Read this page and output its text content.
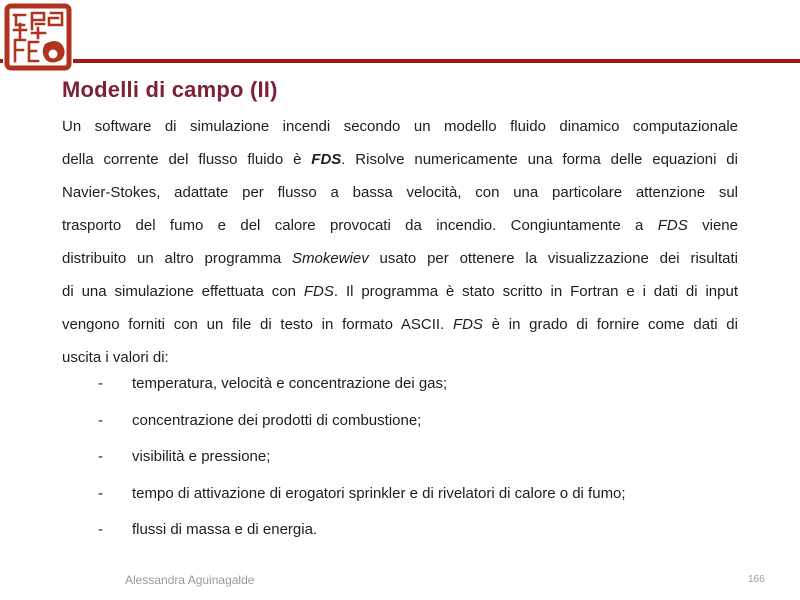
Modelli di campo (II)
Un software di simulazione incendi secondo un modello fluido dinamico computazionale
della corrente del flusso fluido è FDS. Risolve numericamente una forma delle equazioni di
Navier-Stokes, adattate per flusso a bassa velocità, con una particolare attenzione sul
trasporto del fumo e del calore provocati da incendio. Congiuntamente a FDS viene
distribuito un altro programma Smokewiev usato per ottenere la visualizzazione dei risultati
di una simulazione effettuata con FDS. Il programma è stato scritto in Fortran e i dati di input
vengono forniti con un file di testo in formato ASCII. FDS è in grado di fornire come dati di
uscita i valori di:
- temperatura, velocità e concentrazione dei gas;
- concentrazione dei prodotti di combustione;
- visibilità e pressione;
- tempo di attivazione di erogatori sprinkler e di rivelatori di calore o di fumo;
- flussi di massa e di energia.
Alessandra Aguinagalde	166
